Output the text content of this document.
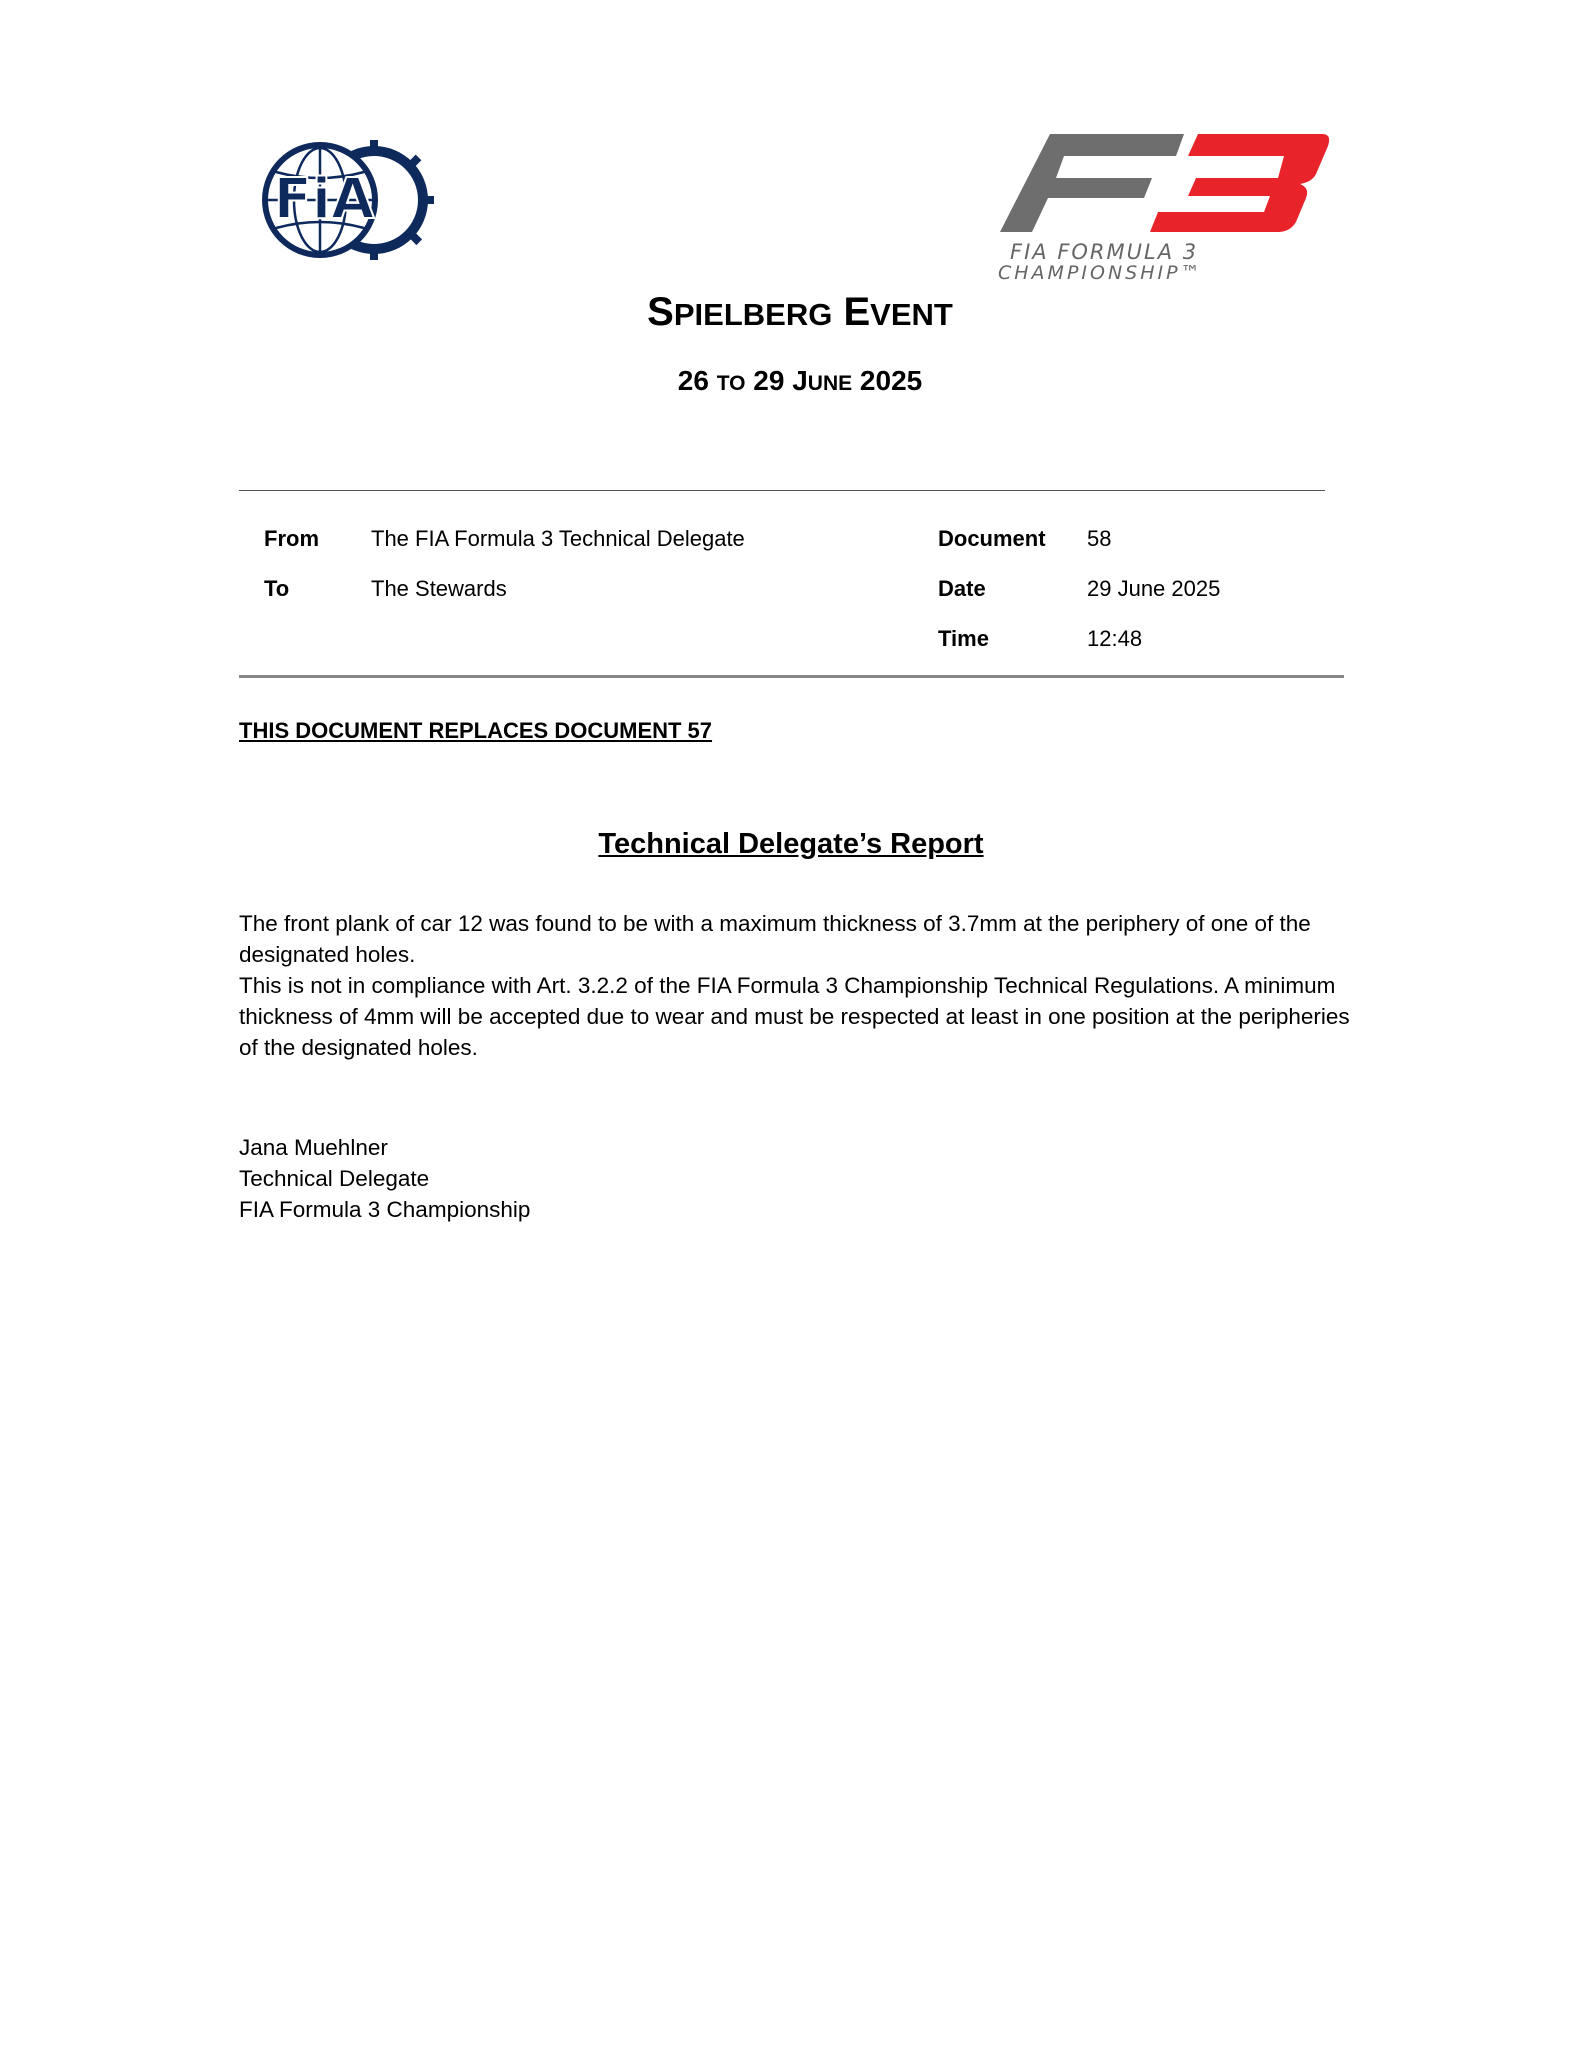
FiA
FIA FORMULA 3
CHAMPIONSHIP™
SPIELBERG EVENT
26 TO 29 JUNE 2025
From The FIA Formula 3 Technical Delegate
To	The Stewards
Document 58
Date	29 June 2025
Time	12:48
THIS DOCUMENT REPLACES DOCUMENT 57
Technical Delegate’s Report
The front plank of car 12 was found to be with a maximum thickness of 3.7mm at the periphery of one of the designated holes.
This is not in compliance with Art. 3.2.2 of the FIA Formula 3 Championship Technical Regulations. A minimum thickness of 4mm will be accepted due to wear and must be respected at least in one position at the peripheries of the designated holes.
Jana Muehlner
Technical Delegate
FIA Formula 3 Championship
